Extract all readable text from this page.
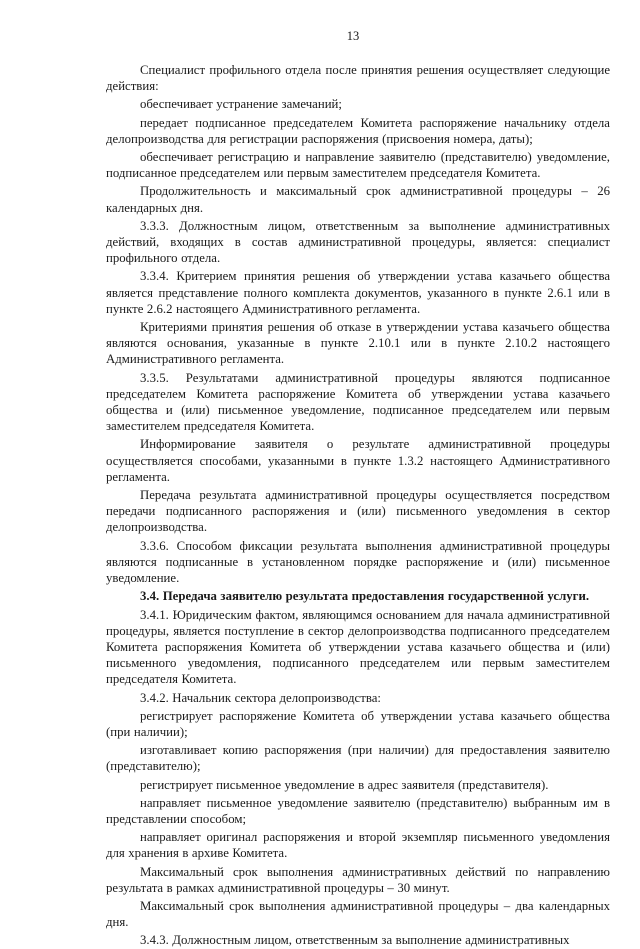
13

Специалист профильного отдела после принятия решения осуществляет следующие действия:

обеспечивает устранение замечаний;

передает подписанное председателем Комитета распоряжение начальнику отдела делопроизводства для регистрации распоряжения (присвоения номера, даты);

обеспечивает регистрацию и направление заявителю (представителю) уведомление, подписанное председателем или первым заместителем председателя Комитета.

Продолжительность и максимальный срок административной процедуры – 26 календарных дня.

3.3.3. Должностным лицом, ответственным за выполнение административных действий, входящих в состав административной процедуры, является: специалист профильного отдела.

3.3.4. Критерием принятия решения об утверждении устава казачьего общества является представление полного комплекта документов, указанного в пункте 2.6.1 или в пункте 2.6.2 настоящего Административного регламента.

Критериями принятия решения об отказе в утверждении устава казачьего общества являются основания, указанные в пункте 2.10.1 или в пункте 2.10.2 настоящего Административного регламента.

3.3.5. Результатами административной процедуры являются подписанное председателем Комитета распоряжение Комитета об утверждении устава казачьего общества и (или) письменное уведомление, подписанное председателем или первым заместителем председателя Комитета.

Информирование заявителя о результате административной процедуры осуществляется способами, указанными в пункте 1.3.2 настоящего Административного регламента.

Передача результата административной процедуры осуществляется посредством передачи подписанного распоряжения и (или) письменного уведомления в сектор делопроизводства.

3.3.6. Способом фиксации результата выполнения административной процедуры являются подписанные в установленном порядке распоряжение и (или) письменное уведомление.

3.4. Передача заявителю результата предоставления государственной услуги.

3.4.1. Юридическим фактом, являющимся основанием для начала административной процедуры, является поступление в сектор делопроизводства подписанного председателем Комитета распоряжения Комитета об утверждении устава казачьего общества и (или) письменного уведомления, подписанного председателем или первым заместителем председателя Комитета.

3.4.2. Начальник сектора делопроизводства:

регистрирует распоряжение Комитета об утверждении устава казачьего общества (при наличии);

изготавливает копию распоряжения (при наличии) для предоставления заявителю (представителю);

регистрирует письменное уведомление в адрес заявителя (представителя).

направляет письменное уведомление заявителю (представителю) выбранным им в представлении способом;

направляет оригинал распоряжения и второй экземпляр письменного уведомления для хранения в архиве Комитета.

Максимальный срок выполнения административных действий по направлению результата в рамках административной процедуры – 30 минут.

Максимальный срок выполнения административной процедуры – два календарных дня.

3.4.3. Должностным лицом, ответственным за выполнение административных
